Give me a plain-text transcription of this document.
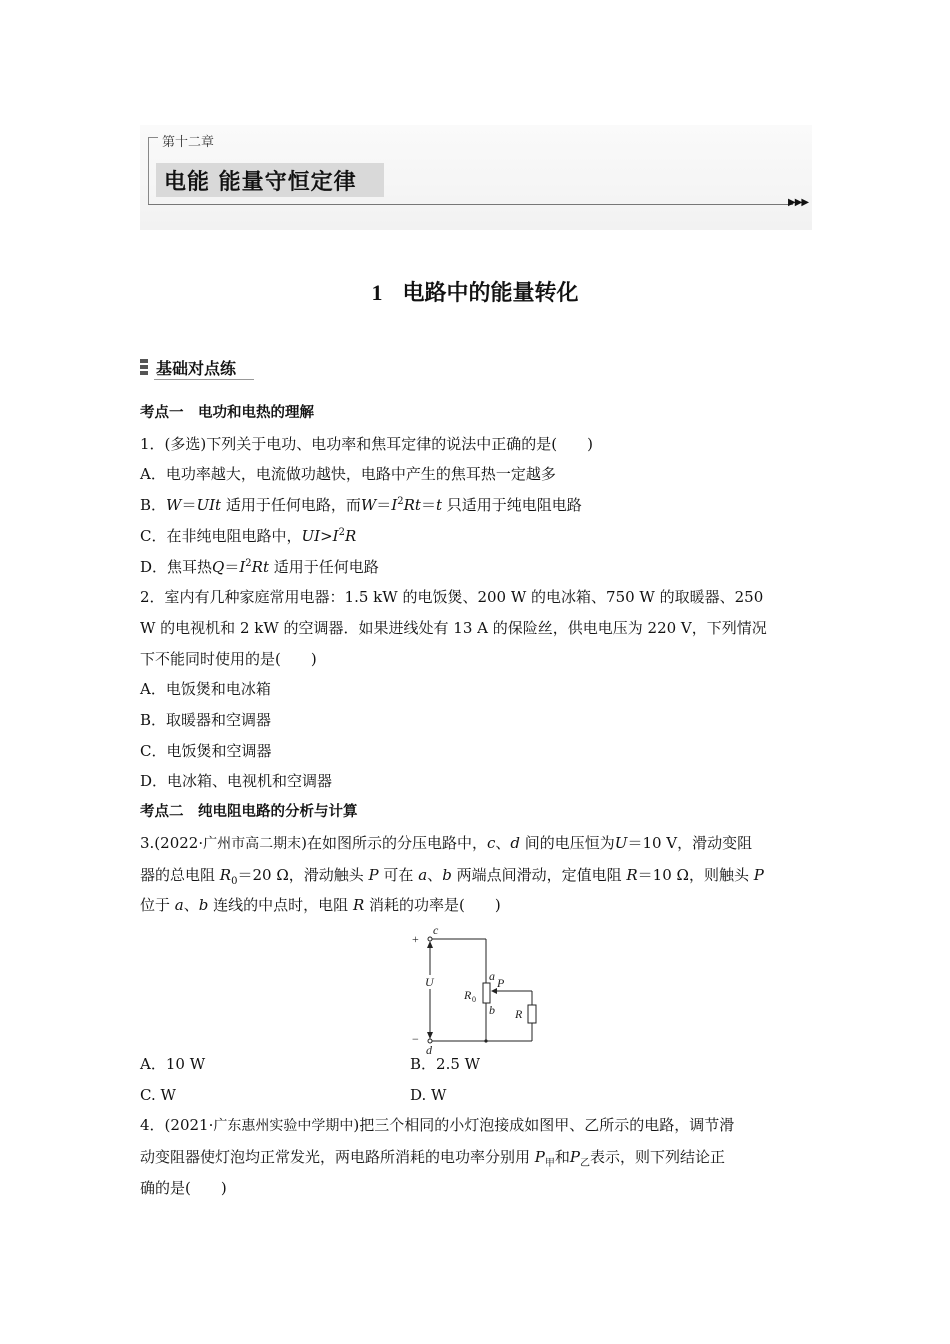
第十二章
电能 能量守恒定律
▶▶▶
1 电路中的能量转化
基础对点练

考点一　电功和电热的理解

1．(多选)下列关于电功、电功率和焦耳定律的说法中正确的是(　　)

A．电功率越大，电流做功越快，电路中产生的焦耳热一定越多

B．W＝UIt 适用于任何电路，而$W=I^2Rt=t$ 只适用于纯电阻电路

C．在非纯电阻电路中，$UI>I^2R$

D．焦耳热$Q=I^2Rt$ 适用于任何电路

2．室内有几种家庭常用电器：1.5 kW 的电饭煲、200 W 的电冰箱、750 W 的取暖器、250

W 的电视机和 2 kW 的空调器．如果进线处有 13 A 的保险丝，供电电压为 220 V，下列情况

下不能同时使用的是(　　)

A．电饭煲和电冰箱

B．取暖器和空调器

C．电饭煲和空调器

D．电冰箱、电视机和空调器

考点二　纯电阻电路的分析与计算

3.(2022·广州市高二期末)在如图所示的分压电路中，c、d 间的电压恒为U＝10 V，滑动变阻

器的总电阻 $R_0=20$ Ω，滑动触头 P 可在 a、b 两端点间滑动，定值电阻 R＝10 Ω，则触头 P

位于 a、b 连线的中点时，电阻 R 消耗的功率是(　　)

+
−
c
d
U	a
b
P
R 0
R

A．10 W	B．2.5 W

C. W	D. W

4．(2021·广东惠州实验中学期中)把三个相同的小灯泡接成如图甲、乙所示的电路，调节滑

动变阻器使灯泡均正常发光，两电路所消耗的电功率分别用 $P_甲$和$P_乙$表示，则下列结论正

确的是(　　)
